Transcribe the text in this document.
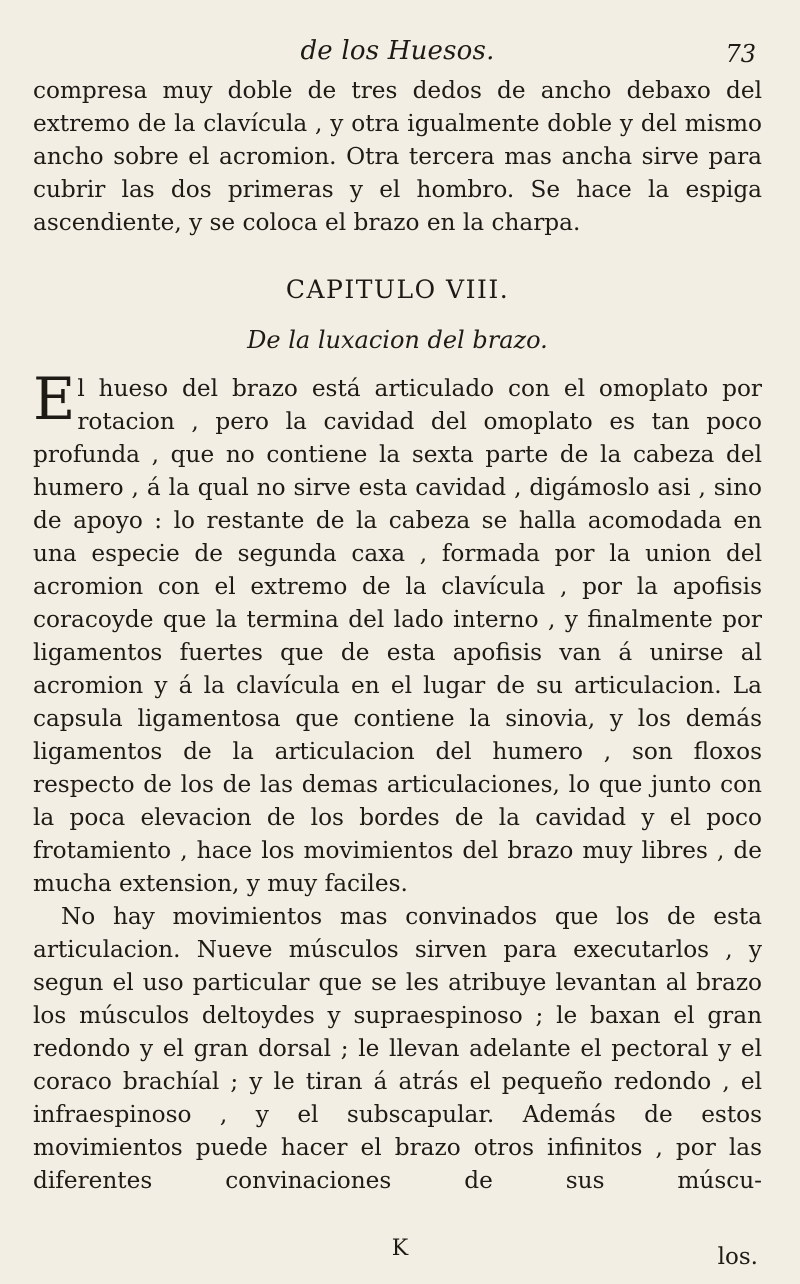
de los Huesos.	73

compresa muy doble de tres dedos de ancho debaxo del extremo de la clavícula , y otra igualmente doble y del mismo ancho sobre el acromion. Otra tercera mas ancha sirve para cubrir las dos primeras y el hombro. Se hace la espiga ascendiente, y se coloca el brazo en la charpa.

CAPITULO VIII.
De la luxacion del brazo.

El hueso del brazo está articulado con el omoplato por rotacion , pero la cavidad del omoplato es tan poco profunda , que no contiene la sexta parte de la cabeza del humero , á la qual no sirve esta cavidad , digámoslo asi , sino de apoyo : lo restante de la cabeza se halla acomodada en una especie de segunda caxa , formada por la union del acromion con el extremo de la clavícula , por la apofisis coracoyde que la termina del lado interno , y finalmente por ligamentos fuertes que de esta apofisis van á unirse al acromion y á la clavícula en el lugar de su articulacion. La capsula ligamentosa que contiene la sinovia, y los demás ligamentos de la articulacion del humero , son floxos respecto de los de las demas articulaciones, lo que junto con la poca elevacion de los bordes de la cavidad y el poco frotamiento , hace los movimientos del brazo muy libres , de mucha extension, y muy faciles.

No hay movimientos mas convinados que los de esta articulacion. Nueve músculos sirven para executarlos , y segun el uso particular que se les atribuye levantan al brazo los músculos deltoydes y supraespinoso ; le baxan el gran redondo y el gran dorsal ; le llevan adelante el pectoral y el coraco brachíal ; y le tiran á atrás el pequeño redondo , el infraespinoso , y el subscapular. Además de estos movimientos puede hacer el brazo otros infinitos , por las diferentes convinaciones de sus múscu-

K	los.
